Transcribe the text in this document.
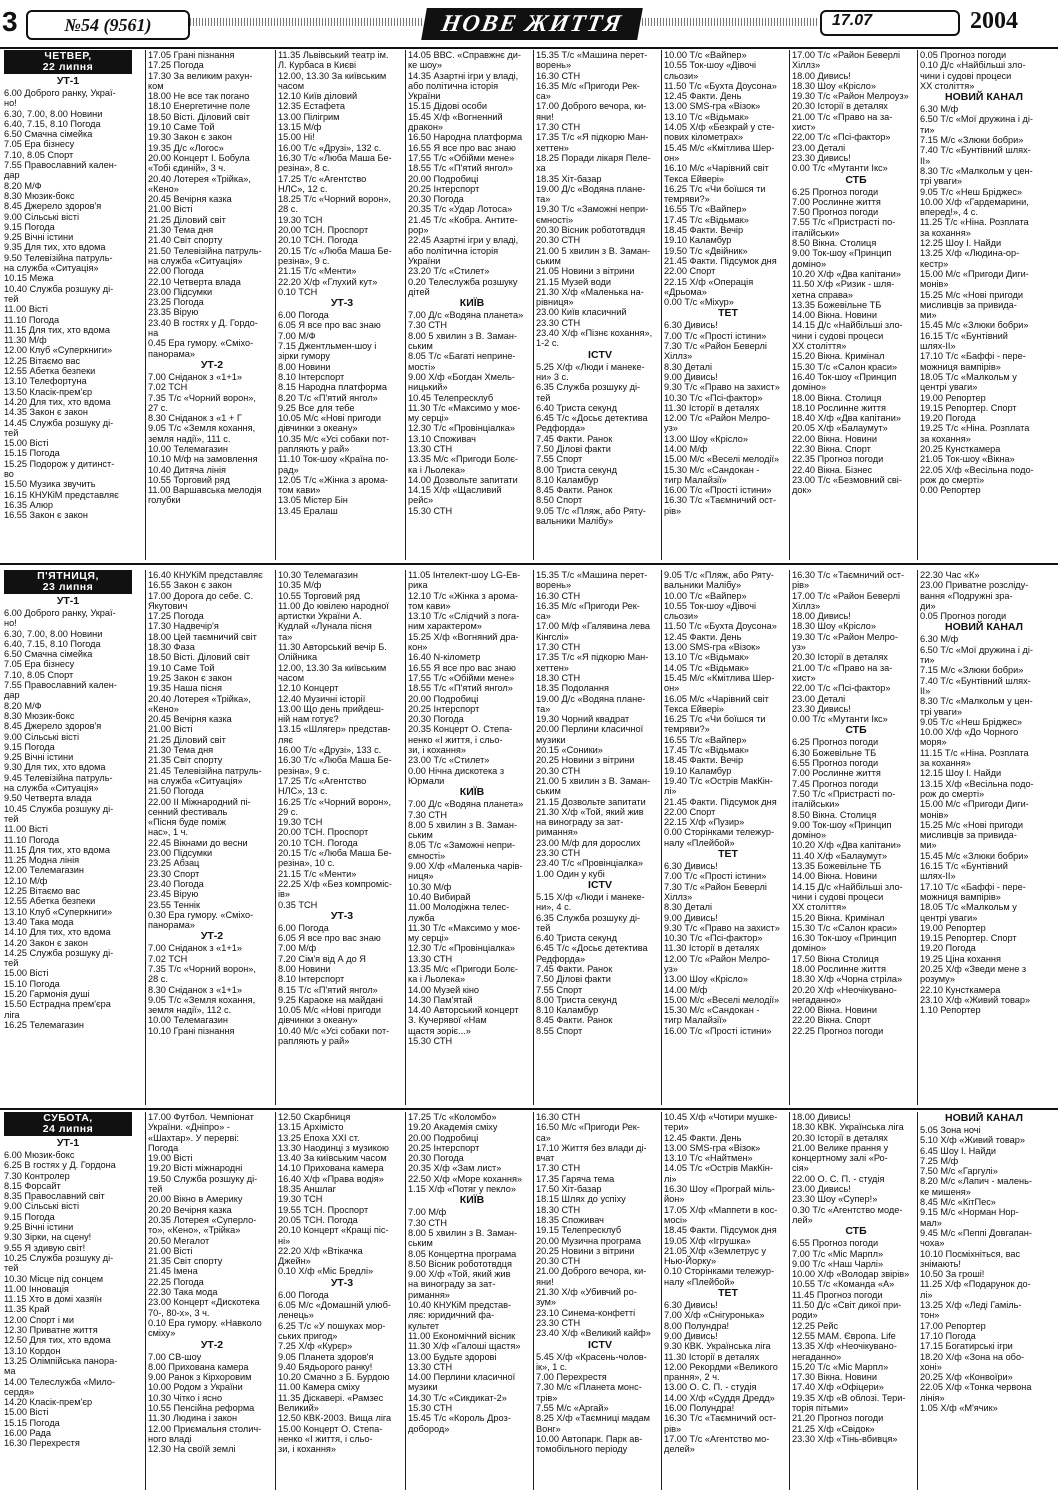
3	№54 (9561)	НОВЕ ЖИТТЯ	17.07	2004
ЧЕТВЕР,
22 липня
УТ-1
6.00 Доброго ранку, Украї-
но!
6.30, 7.00, 8.00 Новини
6.40, 7.15, 8.10 Погода
6.50 Смачна сімейка
7.05 Ера бізнесу
7.10, 8.05 Спорт
7.55 Православний кален-
дар
8.20 М/Ф
8.30 Мюзик-бокс
8.45 Джерело здоров'я
9.00 Сільські вісті
9.15 Погода
9.25 Вічні істини
9.35 Для тих, хто вдома
9.50 Телевізійна патруль-
на служба «Ситуація»
10.15 Межа
10.40 Служба розшуку ді-
тей
11.00 Вісті
11.10 Погода
11.15 Для тих, хто вдома
11.30 М/ф
12.00 Клуб «Суперкниги»
12.25 Вітаємо вас
12.55 Абетка безпеки
13.10 Телефортуна
13.50 Класік-прем'єр
14.20 Для тих, хто вдома
14.35 Закон є закон
14.45 Служба розшуку ді-
тей
15.00 Вісті
15.15 Погода
15.25 Подорож у дитинст-
во
15.50 Музика звучить
16.15 КНУКіМ представляє
16.35 Алюр
16.55 Закон є закон
17.05 Грані пізнання
17.25 Погода
17.30 За великим рахун-
ком
18.00 Не все так погано
18.10 Енергетичне поле
18.50 Вісті. Діловий світ
19.10 Саме Той
19.30 Закон є закон
19.35 Д/с «Логос»
20.00 Концерт І. Бобула
«Тобі єдиній», 3 ч.
20.40 Лотерея «Трійка»,
«Кено»
20.45 Вечірня казка
21.00 Вісті
21.25 Діловий світ
21.30 Тема дня
21.40 Світ спорту
21.50 Телевізійна патруль-
на служба «Ситуація»
22.00 Погода
22.10 Четверта влада
23.00 Підсумки
23.25 Погода
23.35 Вірую
23.40 В гостях у Д. Гордо-
на
0.45 Ера гумору. «Сміхо-
панорама»
УТ-2
7.00 Сніданок з «1+1»
7.02 ТСН
7.35 Т/с «Чорний ворон»,
27 с.
8.30 Сніданок з «1 + Г
9.05 Т/с «Земля кохання,
земля надії», 111 с.
10.00 Телемагазин
10.10 М/ф на замовлення
10.40 Дитяча лінія
10.55 Торговий ряд
11.00 Варшавська мелодія
голубки
11.35 Львівський театр ім.
Л. Курбаса в Києві
12.00, 13.30 За київським
часом
12.10 Київ діловий
12.35 Естафета
13.00 Пілігрим
13.15 М/ф
15.00 Ні!
16.00 Т/с «Друзі», 132 с.
16.30 Т/с «Люба Маша Бе-
резіна», 8 с.
17.25 Т/с «Агентство
НЛС», 12 с.
18.25 Т/с «Чорний ворон»,
28 с.
19.30 ТСН
20.00 ТСН. Проспорт
20.10 ТСН. Погода
20.15 Т/с «Люба Маша Бе-
резіна», 9 с.
21.15 Т/с «Менти»
22.20 Х/ф «Глухий кут»
0.10 ТСН
УТ-3
6.00 Погода
6.05 Я все про вас знаю
7.00 М/Ф
7.15 Джентльмен-шоу і
зірки гумору
8.00 Новини
8.10 Інтерспорт
8.15 Народна платформа
8.20 Т/с «П'ятий янгол»
9.25 Все для тебе
10.05 М/с «Нові пригоди
дівчинки з океану»
10.35 М/с «Усі собаки пот-
рапляють у рай»
11.10 Ток-шоу «Країна по-
рад»
12.05 Т/с «Жінка з арома-
том кави»
13.05 Містер Бін
13.45 Ералаш
14.05 ВВС. «Справжнє ди-
ке шоу»
14.35 Азартні ігри у владі,
або політична історія
України
15.15 Дідові особи
15.45 Х/ф «Вогненний
дракон»
16.50 Народна платформа
16.55 Я все про вас знаю
17.55 Т/с «Обійми мене»
18.55 Т/с «П'ятий янгол»
20.00 Подробиці
20.25 Інтерспорт
20.30 Погода
20.35 Т/с «Удар Лотоса»
21.45 Т/с «Кобра. Антите-
рор»
22.45 Азартні ігри у владі,
або політична історія
України
23.20 Т/с «Стилет»
0.20 Телеслужба розшуку
дітей
КИЇВ
7.00 Д/с «Водяна планета»
7.30 СТН
8.00 5 хвилин з В. Заман-
ським
8.05 Т/с «Багаті неприне-
мості»
9.00 Х/ф «Богдан Хмель-
ницький»
10.45 Телепресклуб
11.30 Т/с «Максимо у моє-
му серці»
12.30 Т/с «Провінціалка»
13.10 Споживач
13.30 СТН
13.35 М/с «Пригоди Болє-
ка і Льолека»
14.00 Дозвольте запитати
14.15 Х/ф «Щасливий
рейс»
15.30 СТН
15.35 Т/с «Машина перет-
ворень»
16.30 СТН
16.35 М/с «Пригоди Рек-
са»
17.00 Доброго вечора, ки-
яни!
17.30 СТН
17.35 Т/с «Я підкорю Ман-
хеттен»
18.25 Поради лікаря Пеле-
ха
18.35 Хіт-базар
19.00 Д/с «Водяна плане-
та»
19.30 Т/с «Заможні непри-
ємності»
20.30 Вісник робототвдця
20.30 СТН
21.00 5 хвилин з В. Заман-
ським
21.05 Новини з вітрини
21.15 Музей води
21.30 Х/ф «Маленька на-
рівниця»
23.00 Київ класичний
23.30 СТН
23.40 Х/ф «Пізнє кохання»,
1-2 с.
ICTV
5.25 Х/ф «Люди і манеке-
ни» 3 с.
6.35 Служба розшуку ді-
тей
6.40 Триста секунд
6.45 Т/с «Досьє детектива
Редфорда»
7.45 Факти. Ранок
7.50 Ділові факти
7.55 Спорт
8.00 Триста секунд
8.10 Каламбур
8.45 Факти. Ранок
8.50 Спорт
9.05 Т/с «Пляж, або Ряту-
вальники Малібу»
10.00 Т/с «Вайпер»
10.55 Ток-шоу «Дівочі
сльози»
11.50 Т/с «Бухта Доусона»
12.45 Факти. День
13.00 SMS-гра «Візок»
13.10 Т/с «Відьмак»
14.05 Х/ф «Безкрай у сте-
пових кілометрах»
15.45 М/с «Кмітлива Шер-
он»
16.10 М/с «Чарівний світ
Текса Ейвері»
16.25 Т/с «Чи боїшся ти
темряви?»
16.55 Т/с «Вайпер»
17.45 Т/с «Відьмак»
18.45 Факти. Вечір
19.10 Каламбур
19.50 Т/с «Двійник»
21.45 Факти. Підсумок дня
22.00 Спорт
22.15 Х/ф «Операція
«Дрьома»
0.00 Т/с «Міхур»
ТЕТ
6.30 Дивись!
7.00 Т/с «Прості істини»
7.30 Т/с «Район Беверлі
Хіллз»
8.30 Деталі
9.00 Дивись!
9.30 Т/с «Право на захист»
10.30 Т/с «Псі-фактор»
11.30 Історії в деталях
12.00 Т/с «Район Мелро-
уз»
13.00 Шоу «Крісло»
14.00 М/ф
15.00 М/с «Веселі мелодії»
15.30 М/с «Сандокан -
тигр Малайзії»
16.00 Т/с «Прості істини»
16.30 Т/с «Таємничий ост-
рів»
17.00 Т/с «Район Беверлі
Хіллз»
18.00 Дивись!
18.30 Шоу «Крісло»
19.30 Т/с «Район Мелроуз»
20.30 Історії в деталях
21.00 Т/с «Право на за-
хист»
22.00 Т/с «Псі-фактор»
23.00 Деталі
23.30 Дивись!
0.00 Т/с «Мутанти Ікс»
СТБ
6.25 Прогноз погоди
7.00 Рослинне життя
7.50 Прогноз погоди
7.55 Т/с «Пристрасті по-
італійськи»
8.50 Вікна. Столиця
9.00 Ток-шоу «Принцип
доміно»
10.20 Х/ф «Два капітани»
11.50 Х/ф «Ризик - шля-
хетна справа»
13.35 Божевільне ТБ
14.00 Вікна. Новини
14.15 Д/с «Найбільші зло-
чини і судові процеси
ХХ століття»
15.20 Вікна. Кримінал
15.30 Т/с «Салон краси»
16.40 Ток-шоу «Принцип
доміно»
18.00 Вікна. Столиця
18.10 Рослинне життя
18.40 Х/ф «Два капітани»
20.05 Х/ф «Балаумут»
22.00 Вікна. Новини
22.30 Вікна. Спорт
22.35 Прогноз погоди
22.40 Вікна. Бізнес
23.00 Т/с «Безмовний сві-
док»
0.05 Прогноз погоди
0.10 Д/с «Найбільші зло-
чини і судові процеси
ХХ століття»
НОВИЙ КАНАЛ
6.30 М/ф
6.50 Т/с «Мої дружина і ді-
ти»
7.15 М/с «Злюки бобри»
7.40 Т/с «Бунтівний шлях-
ІІ»
8.30 Т/с «Малкольм у цен-
трі уваги»
9.05 Т/с «Неш Бріджес»
10.00 Х/ф «Гардемарини,
вперед!», 4 с.
11.25 Т/с «Ніна. Розплата
за кохання»
12.25 Шоу І. Найди
13.25 Х/ф «Людина-ор-
кестр»
15.00 М/с «Пригоди Диги-
монів»
15.25 М/с «Нові пригоди
мисливців за привида-
ми»
15.45 М/с «Злюки бобри»
16.15 Т/с «Бунтівний
шлях-ІІ»
17.10 Т/с «Баффі - пере-
можниця вампірів»
18.05 Т/с «Малкольм у
центрі уваги»
19.00 Репортер
19.15 Репортер. Спорт
19.20 Погода
19.25 Т/с «Ніна. Розплата
за кохання»
20.25 Кунсткамера
21.05 Ток-шоу «Вікна»
22.05 Х/ф «Весільна подо-
рож до смерті»
0.00 Репортер
П'ЯТНИЦЯ,
23 липня
УТ-1
6.00 Доброго ранку, Украї-
но!
6.30, 7.00, 8.00 Новини
6.40, 7.15, 8.10 Погода
6.50 Смачна сімейка
7.05 Ера бізнесу
7.10, 8.05 Спорт
7.55 Православний кален-
дар
8.20 М/Ф
8.30 Мюзик-бокс
8.45 Джерело здоров'я
9.00 Сільські вісті
9.15 Погода
9.25 Вічні істини
9.30 Для тих, хто вдома
9.45 Телевізійна патруль-
на служба «Ситуація»
9.50 Четверта влада
10.45 Служба розшуку ді-
тей
11.00 Вісті
11.10 Погода
11.15 Для тих, хто вдома
11.25 Модна лінія
12.00 Телемагазин
12.10 М/ф
12.25 Вітаємо вас
12.55 Абетка безпеки
13.10 Клуб «Суперкниги»
13.40 Така мода
14.10 Для тих, хто вдома
14.20 Закон є закон
14.25 Служба розшуку ді-
тей
15.00 Вісті
15.10 Погода
15.20 Гармонія душі
15.50 Естрадна прем'єра
ліга
16.25 Телемагазин
16.40 КНУКіМ представляє
16.55 Закон є закон
17.00 Дорога до себе. С.
Якутович
17.25 Погода
17.30 Надвечір'я
18.00 Цей таємничий світ
18.30 Фаза
18.50 Вісті. Діловий світ
19.10 Саме Той
19.25 Закон є закон
19.35 Наша пісня
20.40 Лотерея «Трійка»,
«Кено»
20.45 Вечірня казка
21.00 Вісті
21.25 Діловий світ
21.30 Тема дня
21.35 Світ спорту
21.45 Телевізійна патруль-
на служба «Ситуація»
21.50 Погода
22.00 ІІ Міжнародний пі-
сенний фестиваль
«Пісня буде поміж
нас», 1 ч.
22.45 Вікнами до весни
23.00 Підсумки
23.25 Абзац
23.30 Спорт
23.40 Погода
23.45 Вірую
23.55 Теннік
0.30 Ера гумору. «Сміхо-
панорама»
УТ-2
7.00 Сніданок з «1+1»
7.02 ТСН
7.35 Т/с «Чорний ворон»,
28 с.
8.30 Сніданок з «1+1»
9.05 Т/с «Земля кохання,
земля надії», 112 с.
10.00 Телемагазин
10.10 Грані пізнання
10.30 Телемагазин
10.35 М/ф
10.55 Торговий ряд
11.00 До ювілею народної
артистки України А.
Кудлай «Лунала пісня
та»
11.30 Авторський вечір Б.
Олійника
12.00, 13.30 За київським
часом
12.10 Концерт
12.40 Музичні історії
13.00 Що день прийдеш-
ній нам готує?
13.15 «Шлягер» представ-
ляє
16.00 Т/с «Друзі», 133 с.
16.30 Т/с «Люба Маша Бе-
резіна», 9 с.
17.25 Т/с «Агентство
НЛС», 13 с.
16.25 Т/с «Чорний ворон»,
29 с.
19.30 ТСН
20.00 ТСН. Проспорт
20.10 ТСН. Погода
20.15 Т/с «Люба Маша Бе-
резіна», 10 с.
21.15 Т/с «Менти»
22.25 Х/ф «Без компроміс-
ів»
0.35 ТСН
УТ-3
6.00 Погода
6.05 Я все про вас знаю
7.00 М/ф
7.20 Сім'я від А до Я
8.00 Новини
8.10 Інтерспорт
8.15 Т/с «П'ятий янгол»
9.25 Караоке на майдані
10.05 М/с «Нові пригоди
дівчинки з океану»
10.40 М/с «Усі собаки пот-
рапляють у рай»
11.05 Інтелект-шоу LG-Ев-
рика
12.10 Т/с «Жінка з арома-
том кави»
13.10 Т/с «Слідчий з пога-
ним характером»
15.25 Х/ф «Вогняний дра-
кон»
16.40 N-кілометр
16.55 Я все про вас знаю
17.55 Т/с «Обійми мене»
18.55 Т/с «П'ятий янгол»
20.00 Подробиці
20.25 Інтерспорт
20.30 Погода
20.35 Концерт О. Степа-
ненко «І життя, і сльо-
зи, і кохання»
23.00 Т/с «Стилет»
0.00 Нічна дискотека з
Юрмали
КИЇВ
7.00 Д/с «Водяна планета»
7.30 СТН
8.00 5 хвилин з В. Заман-
ським
8.05 Т/с «Заможні непри-
ємності»
9.00 Х/ф «Маленька чарів-
ниця»
10.30 М/ф
10.40 Вибирай
11.00 Молодіжна телес-
лужба
11.30 Т/с «Максимо у моє-
му серці»
12.30 Т/с «Провінціалка»
13.30 СТН
13.35 М/с «Пригоди Болє-
ка і Льолека»
14.00 Музей кіно
14.30 Пам'ятай
14.40 Авторський концерт
З. Кучерявої «Нам
щастя зоріє...»
15.30 СТН
15.35 Т/с «Машина перет-
ворень»
16.30 СТН
16.35 М/с «Пригоди Рек-
са»
17.00 М/ф «Галявина лева
Кінгслі»
17.30 СТН
17.35 Т/с «Я підкорю Ман-
хеттен»
18.30 СТН
18.35 Подолання
19.00 Д/с «Водяна плане-
та»
19.30 Чорний квадрат
20.00 Перлини класичної
музики
20.15 «Соники»
20.25 Новини з вітрини
20.30 СТН
21.00 5 хвилин з В. Заман-
ським
21.15 Дозвольте запитати
21.30 Х/ф «Той, який жив
на винограду за зат-
римання»
23.00 М/ф для дорослих
23.30 СТН
23.40 Т/с «Провінціалка»
1.00 Один у кубі
ICTV
5.15 Х/ф «Люди і манеке-
ни», 4 с.
6.35 Служба розшуку ді-
тей
6.40 Триста секунд
6.45 Т/с «Досьє детектива
Редфорда»
7.45 Факти. Ранок
7.50 Ділові факти
7.55 Спорт
8.00 Триста секунд
8.10 Каламбур
8.45 Факти. Ранок
8.55 Спорт
9.05 Т/с «Пляж, або Ряту-
вальники Малібу»
10.00 Т/с «Вайпер»
10.55 Ток-шоу «Дівочі
сльози»
11.50 Т/с «Бухта Доусона»
12.45 Факти. День
13.00 SMS-гра «Візок»
13.10 Т/с «Відьмак»
14.05 Т/с «Відьмак»
15.45 М/с «Кмітлива Шер-
он»
16.05 М/с «Чарівний світ
Текса Ейвері»
16.25 Т/с «Чи боїшся ти
темряви?»
16.55 Т/с «Вайпер»
17.45 Т/с «Відьмак»
18.45 Факти. Вечір
19.10 Каламбур
19.40 Т/с «Острів МакКін-
лі»
21.45 Факти. Підсумок дня
22.00 Спорт
22.15 Х/ф «Пузир»
0.00 Сторінками тележур-
налу «Плейбой»
ТЕТ
6.30 Дивись!
7.00 Т/с «Прості істини»
7.30 Т/с «Район Беверлі
Хіллз»
8.30 Деталі
9.00 Дивись!
9.30 Т/с «Право на захист»
10.30 Т/с «Псі-фактор»
11.30 Історії в деталях
12.00 Т/с «Район Мелро-
уз»
13.00 Шоу «Крісло»
14.00 М/ф
15.00 М/с «Веселі мелодії»
15.30 М/с «Сандокан -
тигр Малайзії»
16.00 Т/с «Прості істини»
16.30 Т/с «Таємничий ост-
рів»
17.00 Т/с «Район Беверлі
Хіллз»
18.00 Дивись!
18.30 Шоу «Крісло»
19.30 Т/с «Район Мелро-
уз»
20.30 Історії в деталях
21.00 Т/с «Право на за-
хист»
22.00 Т/с «Псі-фактор»
23.00 Деталі
23.30 Дивись!
0.00 Т/с «Мутанти Ікс»
СТБ
6.25 Прогноз погоди
6.30 Божевільне ТБ
6.55 Прогноз погоди
7.00 Рослинне життя
7.45 Прогноз погоди
7.50 Т/с «Пристрасті по-
італійськи»
8.50 Вікна. Столиця
9.00 Ток-шоу «Принцип
доміно»
10.20 Х/ф «Два капітани»
11.40 Х/ф «Балаумут»
13.35 Божевільне ТБ
14.00 Вікна. Новини
14.15 Д/с «Найбільші зло-
чини і судові процеси
ХХ століття»
15.20 Вікна. Кримінал
15.30 Т/с «Салон краси»
16.30 Ток-шоу «Принцип
доміно»
17.50 Вікна Столиця
18.00 Рослинне життя
18.30 Х/ф «Чорна стріла»
20.20 Х/ф «Неочікувано-
негаданно»
22.00 Вікна. Новини
22.20 Вікна. Спорт
22.25 Прогноз погоди
22.30 Час «К»
23.00 Приватне розсліду-
вання «Подружні зра-
ди»
0.05 Прогноз погоди
НОВИЙ КАНАЛ
6.30 М/ф
6.50 Т/с «Мої дружина і ді-
ти»
7.15 М/с «Злюки бобри»
7.40 Т/с «Бунтівний шлях-
ІІ»
8.30 Т/с «Малкольм у цен-
трі уваги»
9.05 Т/с «Неш Бріджес»
10.00 Х/ф «До Чорного
моря»
11.15 Т/с «Ніна. Розплата
за кохання»
12.15 Шоу І. Найди
13.15 Х/ф «Весільна подо-
рож до смерті»
15.00 М/с «Пригоди Диги-
монів»
15.25 М/с «Нові пригоди
мисливців за привида-
ми»
15.45 М/с «Злюки бобри»
16.15 Т/с «Бунтівний
шлях-ІІ»
17.10 Т/с «Баффі - пере-
можниця вампірів»
18.05 Т/с «Малкольм у
центрі уваги»
19.00 Репортер
19.15 Репортер. Спорт
19.20 Погода
19.25 Ціна кохання
20.25 Х/ф «Зведи мене з
розуму»
22.10 Кунсткамера
23.10 Х/ф «Живий товар»
1.10 Репортер
СУБОТА,
24 липня
УТ-1
6.00 Мюзик-бокс
6.25 В гостях у Д. Гордона
7.30 Контролер
8.15 Форсайт
8.35 Православний світ
9.00 Сільські вісті
9.15 Погода
9.25 Вічні істини
9.30 Зірки, на сцену!
9.55 Я здивую світ!
10.25 Служба розшуку ді-
тей
10.30 Місце під сонцем
11.00 Інновація
11.15 Хто в домі хазяїн
11.35 Край
12.00 Спорт і ми
12.30 Приватне життя
12.50 Для тих, хто вдома
13.10 Кордон
13.25 Олімпійська панора-
ма
14.00 Телеслужба «Мило-
сердя»
14.20 Класік-прем'єр
15.00 Вісті
15.15 Погода
16.00 Рада
16.30 Перехрестя
17.00 Футбол. Чемпіонат
України. «Дніпро» -
«Шахтар». У перерві:
Погода
19.00 Вісті
19.20 Вісті міжнародні
19.50 Служба розшуку ді-
тей
20.00 Вікно в Америку
20.20 Вечірня казка
20.35 Лотерея «Суперло-
то», «Кено», «Трійка»
20.50 Мегалот
21.00 Вісті
21.35 Світ спорту
21.45 Імена
22.25 Погода
22.30 Така мода
23.00 Концерт «Дискотека
70-, 80-х», 3 ч.
0.10 Ера гумору. «Навколо
сміху»
УТ-2
7.00 СВ-шоу
8.00 Прихована камера
9.00 Ранок з Кірхоровим
10.00 Родом з України
10.30 Чітко і ясно
10.55 Пенсійна реформа
11.30 Людина і закон
12.00 Приємальня столич-
ного владі
12.30 На своїй землі
12.50 Скарбниця
13.15 Архімісто
13.25 Епоха XXI ст.
13.30 Наодинці з музикою
13.40 За київським часом
14.10 Прихована камера
16.40 Х/ф «Права водія»
18.35 Аншлаг
19.30 ТСН
19.55 ТСН. Проспорт
20.05 ТСН. Погода
20.10 Концерт «Кращі піс-
ні»
22.20 Х/ф «Втікачка
Джейн»
0.10 Х/ф «Міс Бредлі»
УТ-3
6.00 Погода
6.05 М/с «Домашній улюб-
ленець»
6.25 Т/с «У пошуках мор-
ських пригод»
7.25 Х/ф «Курєр»
9.05 Планета здоров'я
9.40 Бядьорого ранку!
10.20 Смачно з Б. Бурдою
11.00 Камера сміху
11.35 Діскавері. «Рамзес
Великий»
12.50 КВК-2003. Вища ліга
15.00 Концерт О. Степа-
ненко «І життя, і сльо-
зи, і кохання»
17.25 Т/с «Коломбо»
19.20 Академія сміху
20.00 Подробиці
20.25 Інтерспорт
20.30 Погода
20.35 Х/ф «Зам лист»
22.50 Х/ф «Море кохання»
1.15 Х/ф «Потяг у пекло»
КИЇВ
7.00 М/ф
7.30 СТН
8.00 5 хвилин з В. Заман-
ським
8.05 Концертна програма
8.50 Вісник робототвдця
9.00 Х/ф «Той, який жив
на винограду за зат-
римання»
10.40 КНУКіМ представ-
ляє: юридичний фа-
культет
11.00 Економічний вісник
11.30 Х/ф «Галоші щастя»
13.00 Будьте здорові
13.30 СТН
14.00 Перлини класичної
музики
14.30 Т/с «Сикдикат-2»
15.30 СТН
15.45 Т/с «Король Дроз-
добород»
16.30 СТН
16.50 М/с «Пригоди Рек-
са»
17.10 Життя без влади ді-
вчат
17.30 СТН
17.35 Гаряча тема
17.50 Хіт-базар
18.15 Шлях до успіху
18.30 СТН
18.35 Споживач
19.15 Телепресклуб
20.00 Музична програма
20.25 Новини з вітрини
20.30 СТН
21.00 Доброго вечора, ки-
яни!
21.30 Х/ф «Убивчий ро-
зум»
23.10 Синема-конфетті
23.30 СТН
23.40 Х/ф «Великий кайф»
ICTV
5.45 Х/ф «Красень-чолов-
ік», 1 с.
7.00 Перехрестя
7.30 М/с «Планета монс-
трів»
7.55 М/с «Аргай»
8.25 Х/ф «Таємниці мадам
Вонг»
10.00 Автопарк. Парк ав-
томобільного періоду
10.45 Х/ф «Чотири мушке-
тери»
12.45 Факти. День
13.00 SMS-гра «Візок»
13.10 Т/с «Найтмен»
14.05 Т/с «Острів МакКін-
лі»
16.30 Шоу «Програй міль-
йон»
17.05 Х/ф «Маппети в кос-
мосі»
18.45 Факти. Підсумок дня
19.05 Х/ф «Ігрушка»
21.05 Х/ф «Землетрус у
Нью-Йорку»
0.10 Сторінками тележур-
налу «Плейбой»
ТЕТ
6.30 Дивись!
7.00 Х/ф «Снігуронька»
8.00 Полундра!
9.00 Дивись!
9.30 КВК. Українська ліга
11.30 Історії в деталях
12.00 Рекордми «Великого
прання», 2 ч.
13.00 О. С. П. - студія
14.00 Х/ф «Суддя Дредд»
16.00 Полундра!
16.30 Т/с «Таємничий ост-
рів»
17.00 Т/с «Агентство мо-
делей»
18.00 Дивись!
18.30 КВК. Українська ліга
20.30 Історії в деталях
21.00 Велике прання у
концертному залі «Ро-
сія»
22.00 О. С. П. - студія
23.00 Дивись!
23.30 Шоу «Супер!»
0.30 Т/с «Агентство моде-
лей»
СТБ
6.55 Прогноз погоди
7.00 Т/с «Міс Марпл»
9.00 Т/с «Наш Чарлі»
10.00 Х/ф «Володар звірів»
10.55 Т/с «Команда «А»
11.45 Прогноз погоди
11.50 Д/с «Світ дикої при-
роди»
12.25 Рейс
12.55 МАМ. Європа. Life
13.35 Х/ф «Неочікувано-
негаданно»
15.20 Т/с «Міс Марпл»
17.30 Вікна. Новини
17.40 Х/ф «Офіцери»
19.35 Х/ф «В облозі. Тери-
торія пітьми»
21.20 Прогноз погоди
21.25 Х/ф «Свідок»
23.30 Х/ф «Тінь-вбивця»
НОВИЙ КАНАЛ
5.05 Зона ночі
5.10 Х/ф «Живий товар»
6.45 Шоу І. Найди
7.25 М/ф
7.50 М/с «Гаргулі»
8.20 М/с «Лапич - малень-
ке мишеня»
8.45 М/с «КітПес»
9.15 М/с «Норман Нор-
мал»
9.45 М/с «Пеппі Довгапан-
чоха»
10.10 Посміхніться, вас
знімають!
10.50 За гроші!
11.25 Х/ф «Подарунок до-
лі»
13.25 Х/ф «Леді Гаміль-
тон»
17.00 Репортер
17.10 Погода
17.15 Богатирські ігри
18.20 Х/ф «Зона на обо-
хоні»
20.25 Х/ф «Конвоїри»
22.05 Х/ф «Тонка червона
лінія»
1.05 Х/ф «М'ячик»
